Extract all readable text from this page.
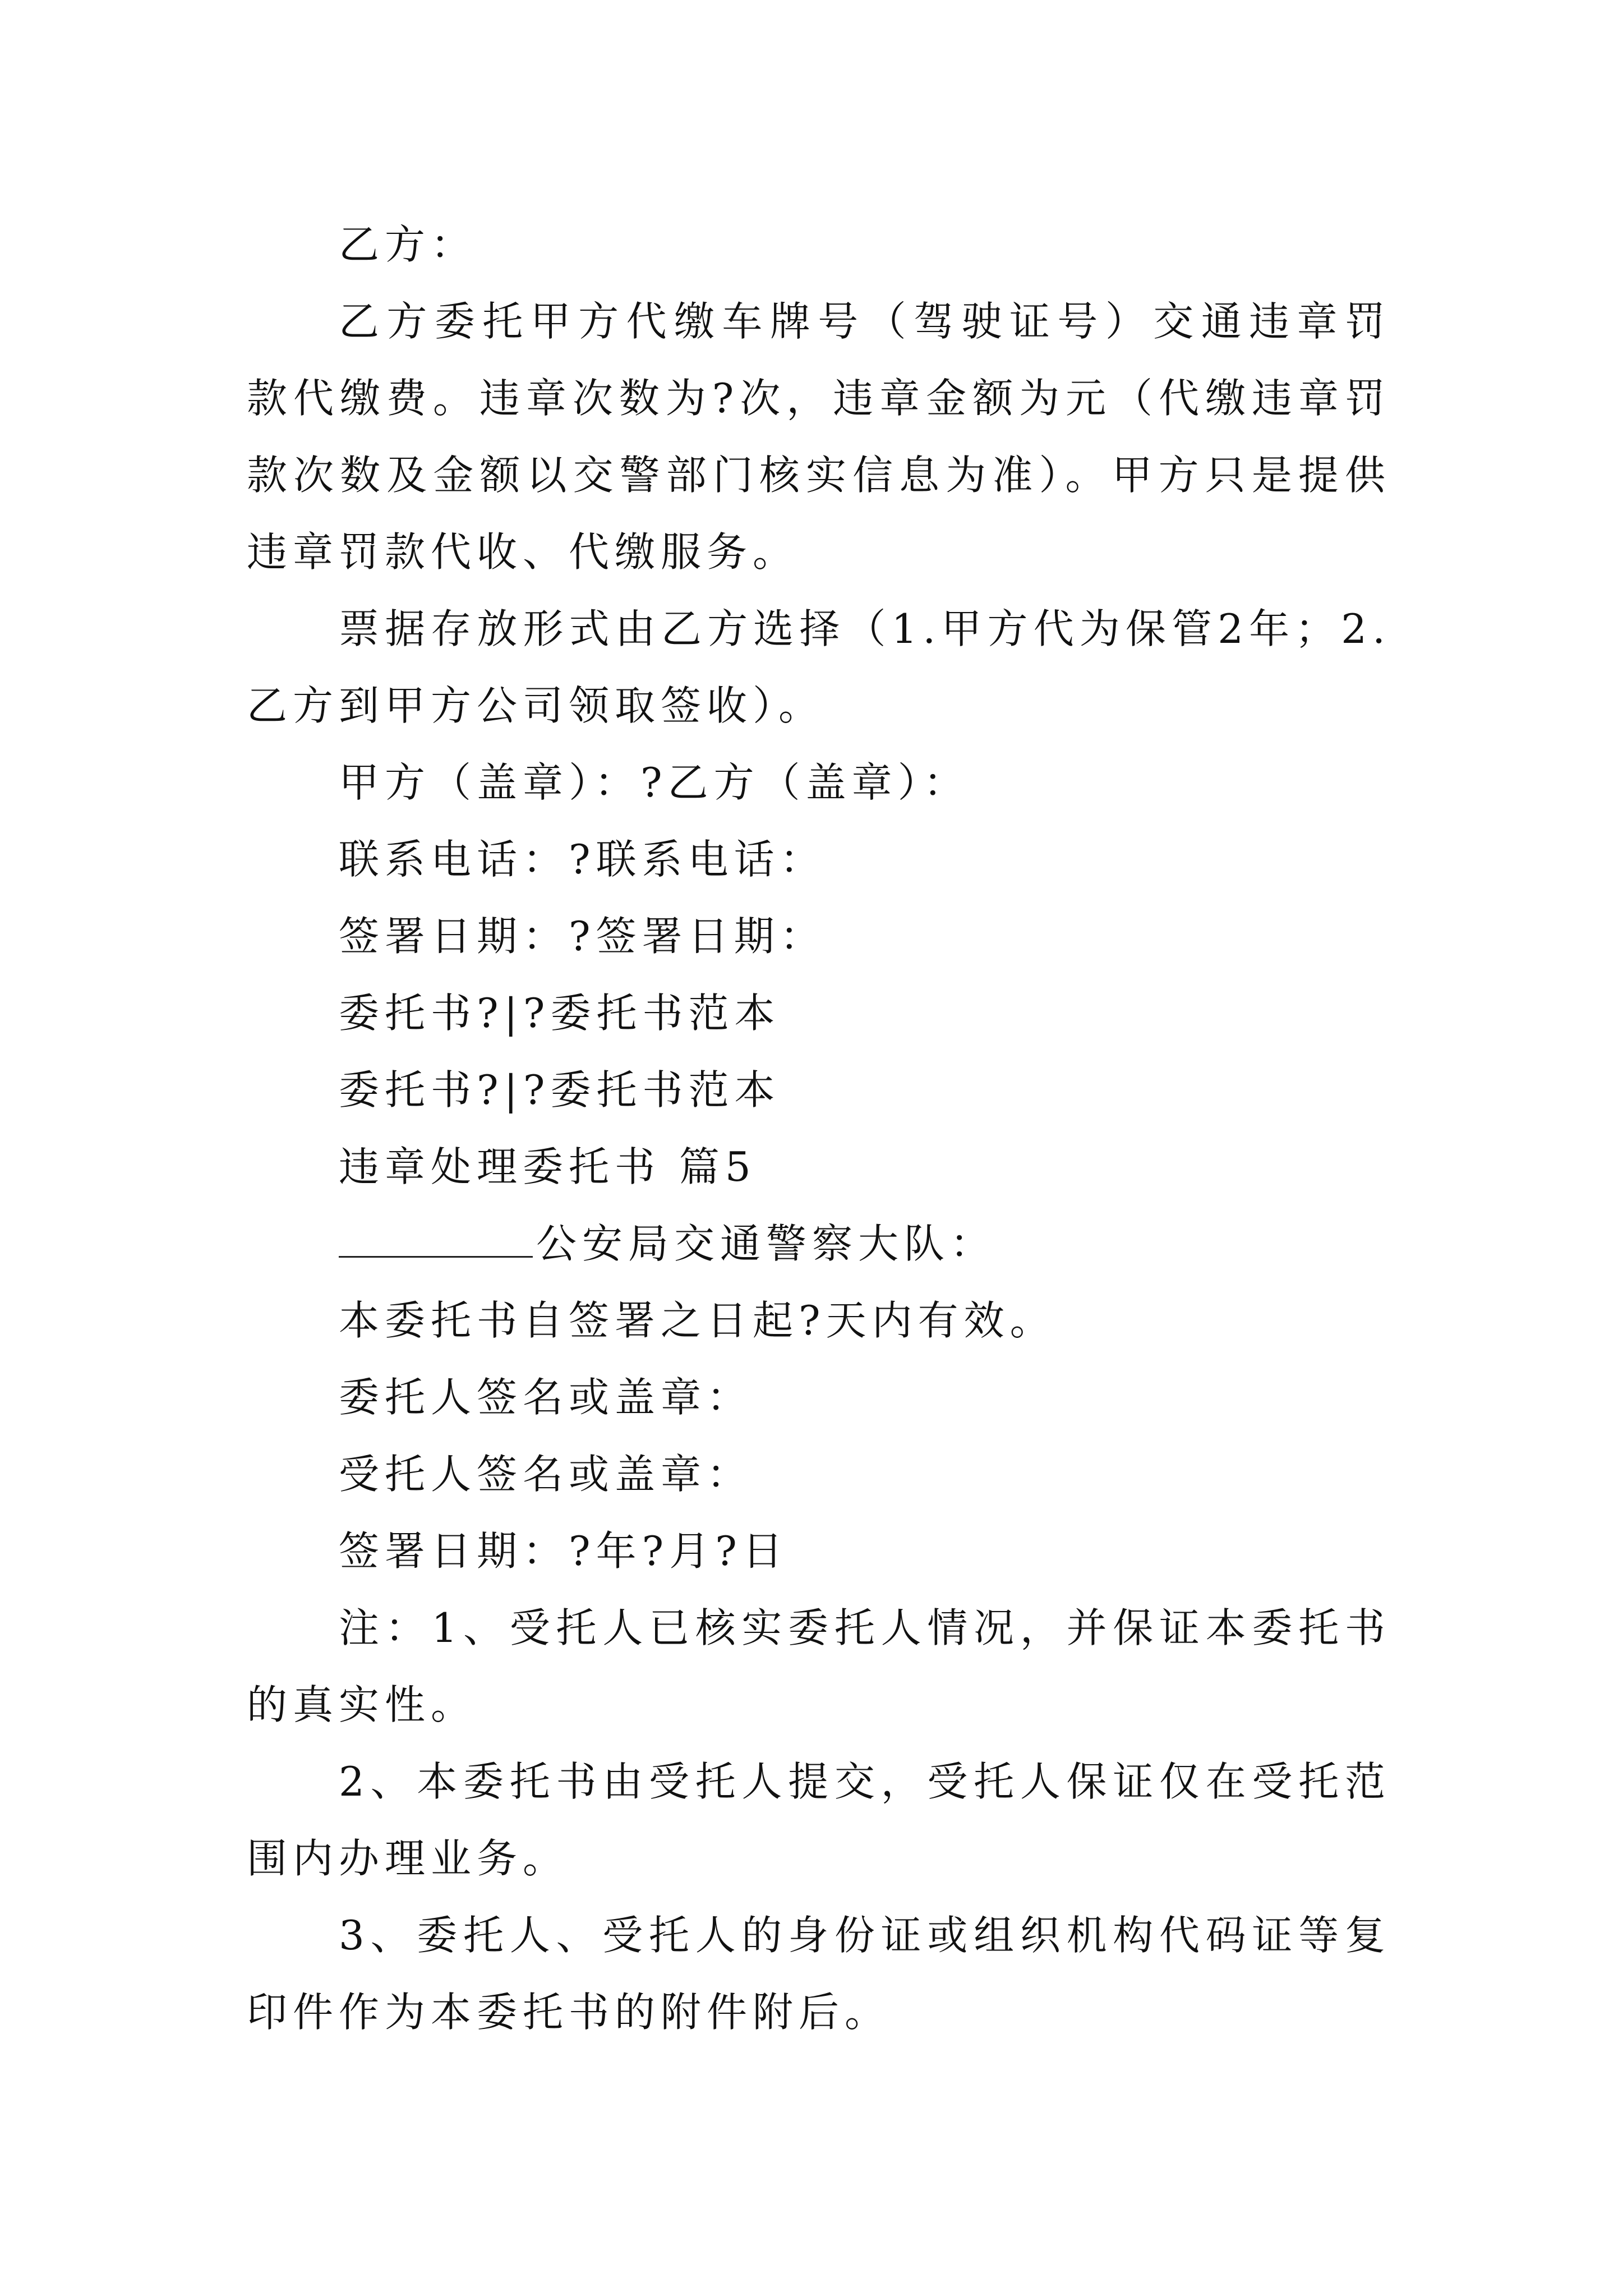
乙方：

乙方委托甲方代缴车牌号（驾驶证号）交通违章罚款代缴费。违章次数为?次，违章金额为元（代缴违章罚款次数及金额以交警部门核实信息为准）。甲方只是提供违章罚款代收、代缴服务。

票据存放形式由乙方选择（1.甲方代为保管2年；2.乙方到甲方公司领取签收）。

甲方（盖章）：?乙方（盖章）：

联系电话：?联系电话：

签署日期：?签署日期：

委托书?|?委托书范本

委托书?|?委托书范本

违章处理委托书 篇5

公安局交通警察大队：

本委托书自签署之日起?天内有效。

委托人签名或盖章：

受托人签名或盖章：

签署日期：?年?月?日

注：1、受托人已核实委托人情况，并保证本委托书的真实性。

2、本委托书由受托人提交，受托人保证仅在受托范围内办理业务。

3、委托人、受托人的身份证或组织机构代码证等复印件作为本委托书的附件附后。
